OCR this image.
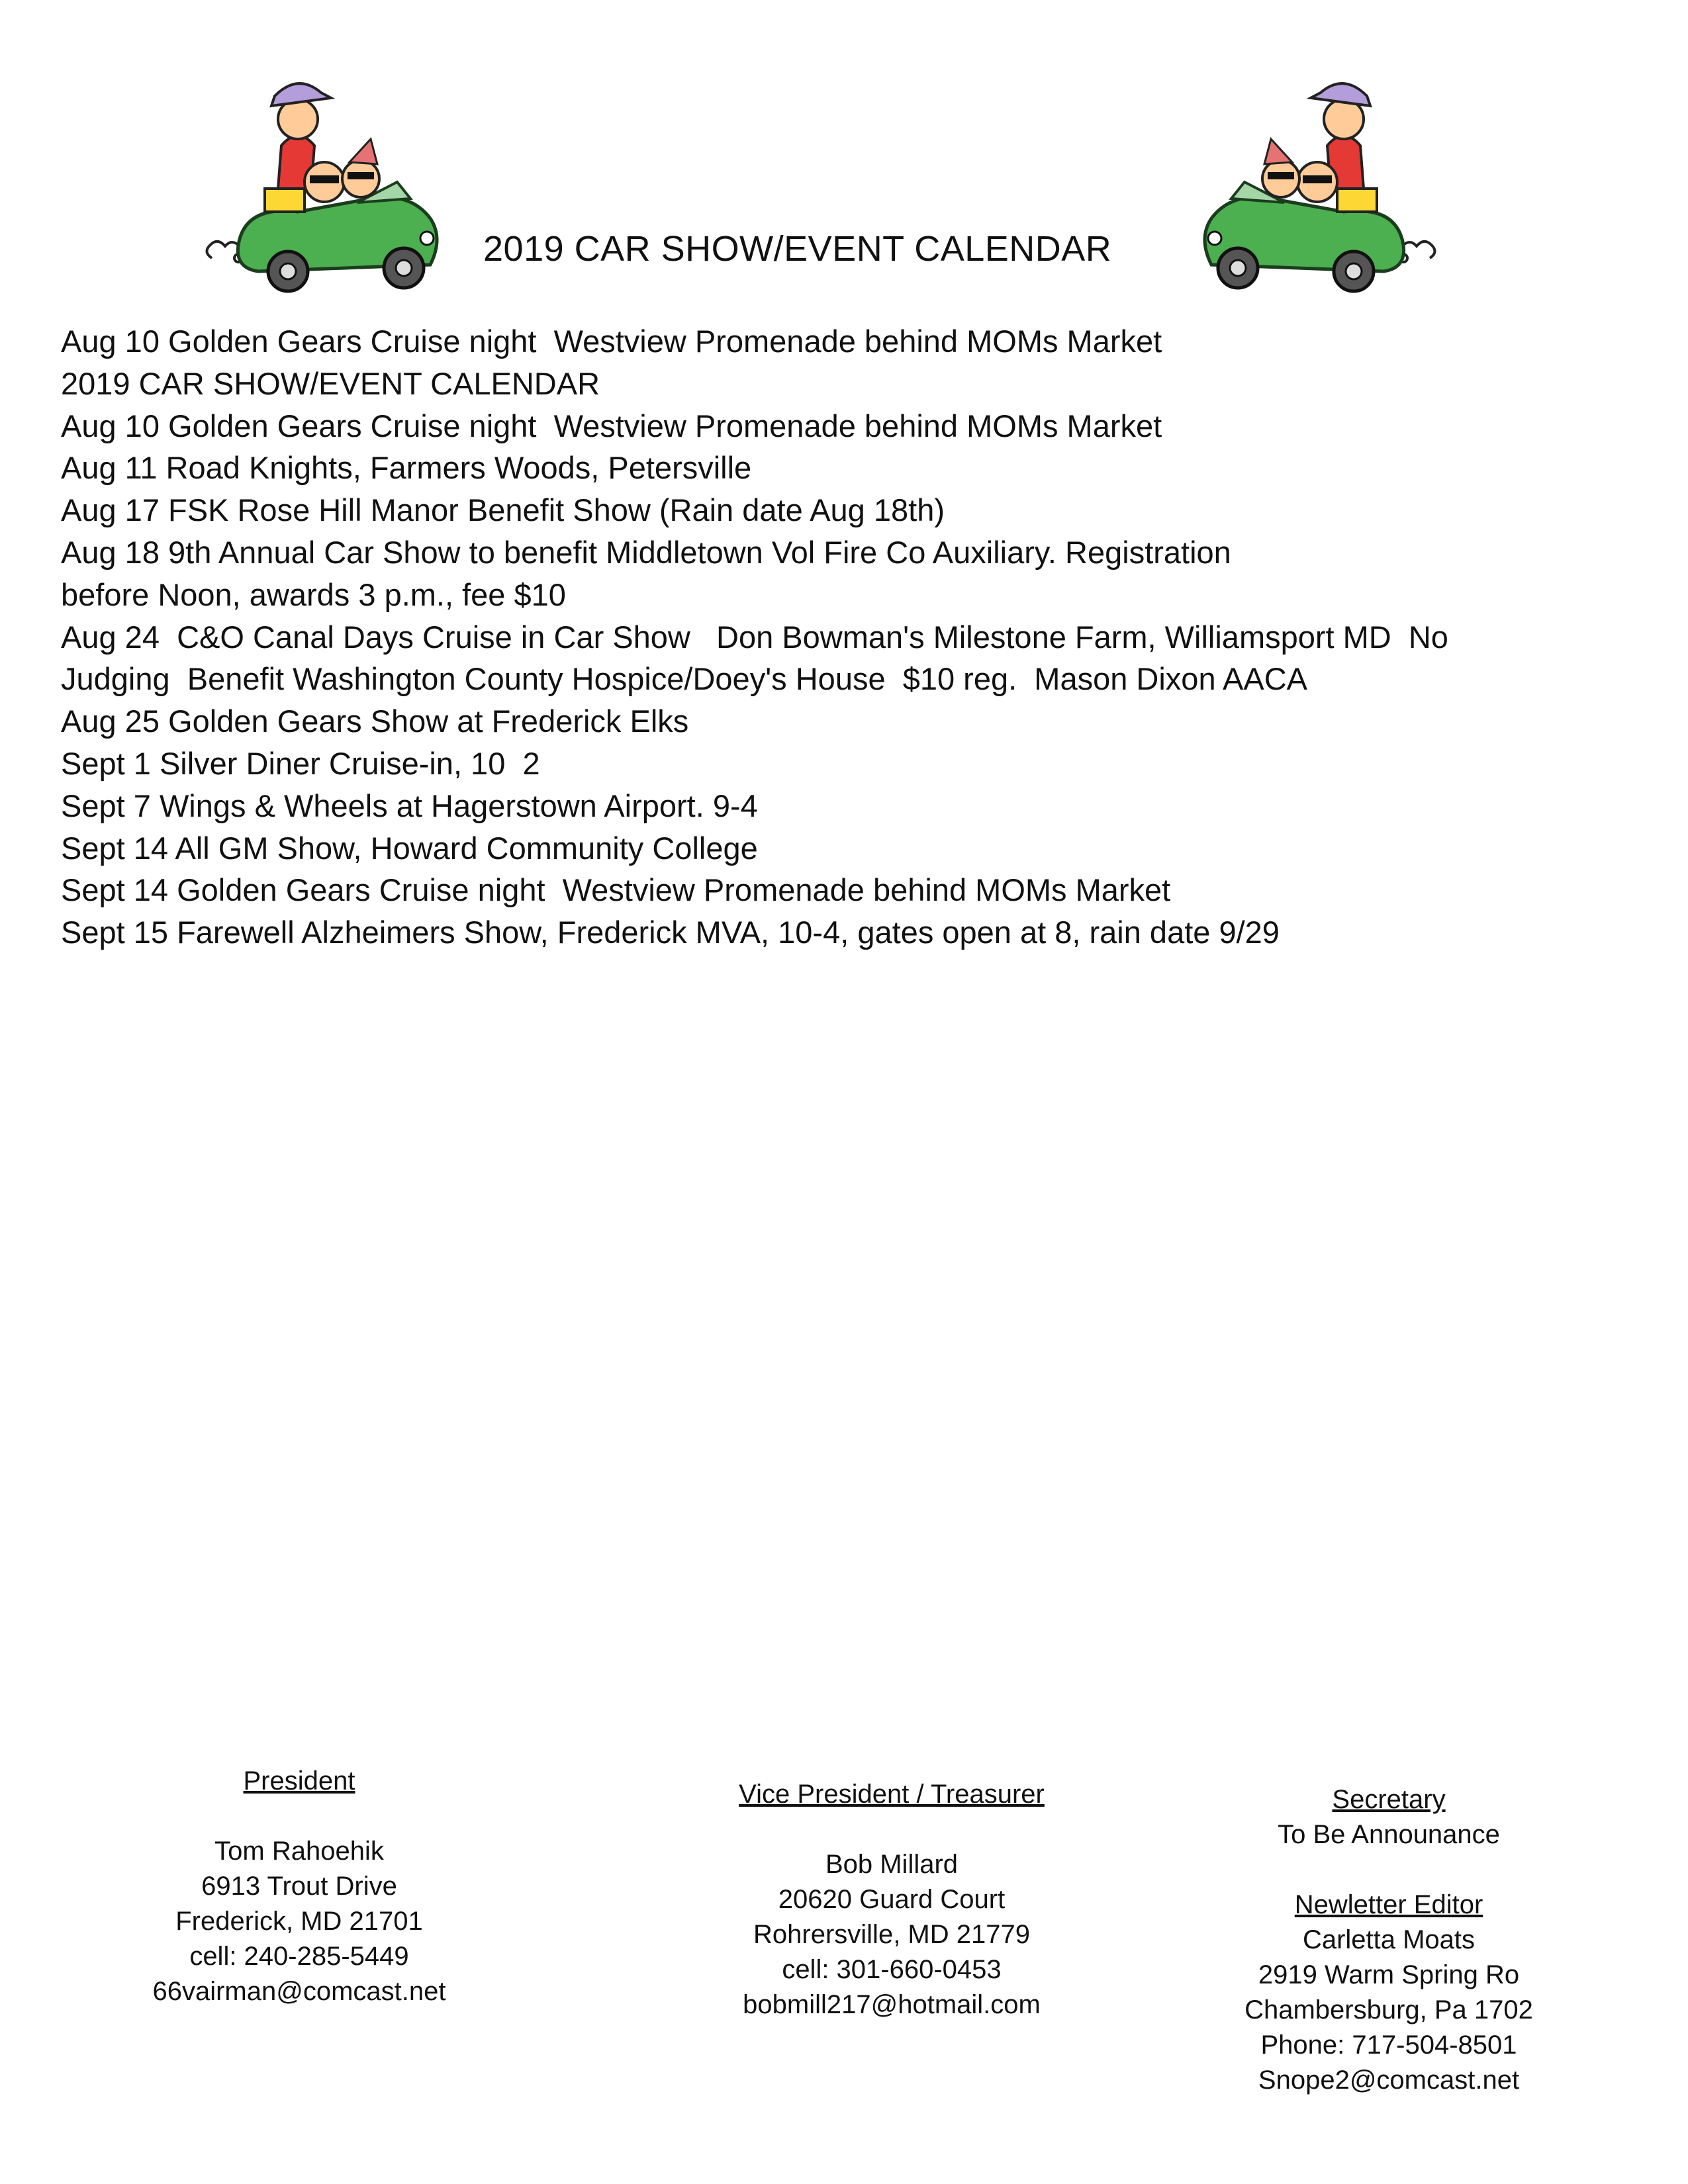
2019 CAR SHOW/EVENT CALENDAR
Aug 10 Golden Gears Cruise night  Westview Promenade behind MOMs Market
2019 CAR SHOW/EVENT CALENDAR
Aug 10 Golden Gears Cruise night  Westview Promenade behind MOMs Market
Aug 11 Road Knights, Farmers Woods, Petersville
Aug 17 FSK Rose Hill Manor Benefit Show (Rain date Aug 18th)
Aug 18 9th Annual Car Show to benefit Middletown Vol Fire Co Auxiliary. Registration
before Noon, awards 3 p.m., fee $10
Aug 24  C&O Canal Days Cruise in Car Show   Don Bowman's Milestone Farm, Williamsport MD  No
Judging  Benefit Washington County Hospice/Doey's House  $10 reg.  Mason Dixon AACA
Aug 25 Golden Gears Show at Frederick Elks
Sept 1 Silver Diner Cruise-in, 10  2
Sept 7 Wings & Wheels at Hagerstown Airport. 9-4
Sept 14 All GM Show, Howard Community College
Sept 14 Golden Gears Cruise night  Westview Promenade behind MOMs Market
Sept 15 Farewell Alzheimers Show, Frederick MVA, 10-4, gates open at 8, rain date 9/29
President
Tom Rahoehik
6913 Trout Drive
Frederick, MD 21701
cell: 240-285-5449
66vairman@comcast.net
Vice President / Treasurer
Bob Millard
20620 Guard Court
Rohrersville, MD 21779
cell: 301-660-0453
bobmill217@hotmail.com
Secretary
To Be Announance
Newletter Editor
Carletta Moats
2919 Warm Spring Ro
Chambersburg, Pa 1702
Phone: 717-504-8501
Snope2@comcast.net
